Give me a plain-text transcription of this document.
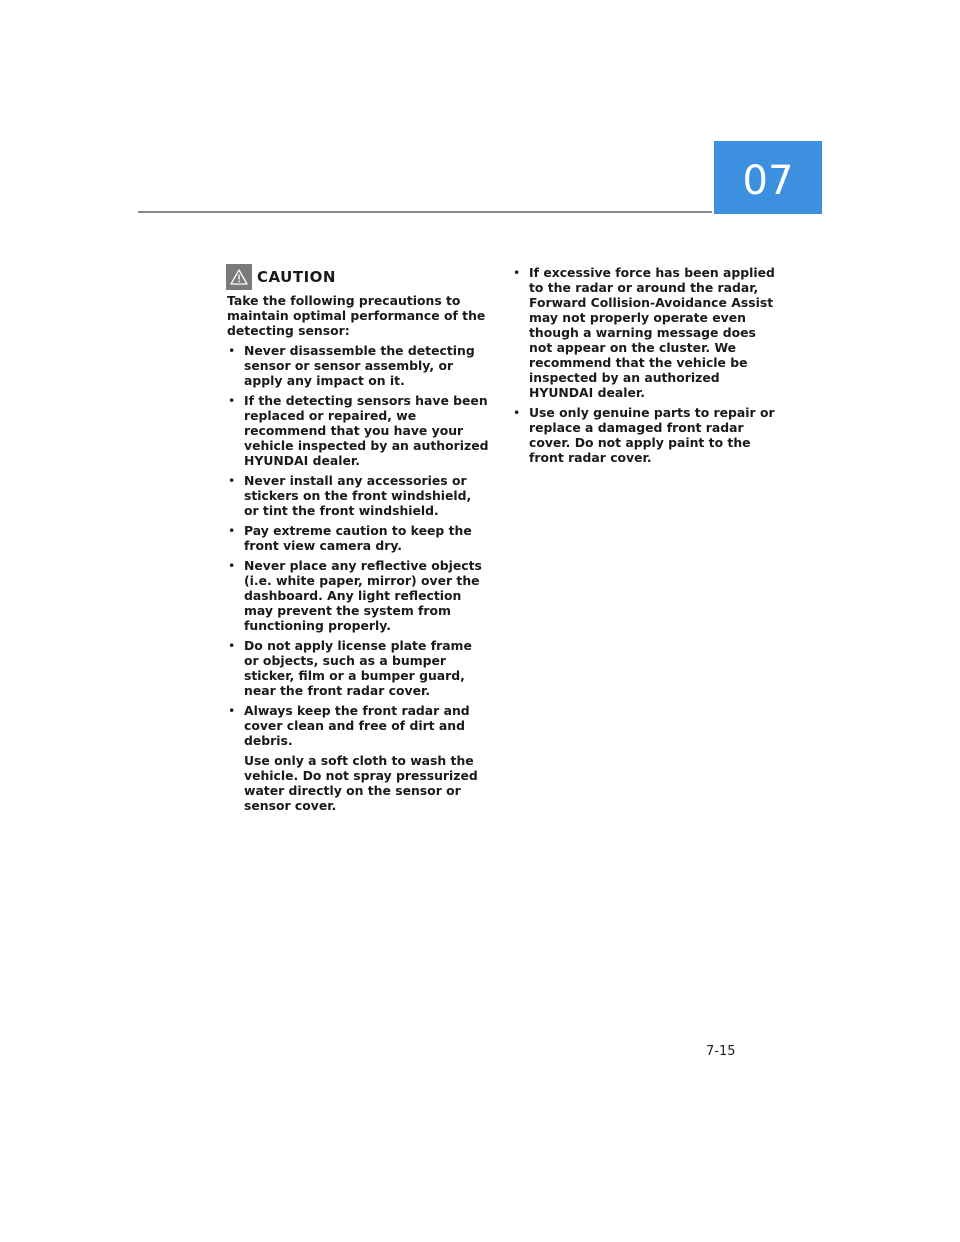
07
CAUTION

Take the following precautions to maintain optimal performance of the detecting sensor:

• Never disassemble the detecting sensor or sensor assembly, or apply any impact on it.
• If the detecting sensors have been replaced or repaired, we recommend that you have your vehicle inspected by an authorized HYUNDAI dealer.
• Never install any accessories or stickers on the front windshield, or tint the front windshield.
• Pay extreme caution to keep the front view camera dry.
• Never place any reflective objects (i.e. white paper, mirror) over the dashboard. Any light reflection may prevent the system from functioning properly.
• Do not apply license plate frame or objects, such as a bumper sticker, film or a bumper guard, near the front radar cover.
• Always keep the front radar and cover clean and free of dirt and debris.
Use only a soft cloth to wash the vehicle. Do not spray pressurized water directly on the sensor or sensor cover.
• If excessive force has been applied to the radar or around the radar, Forward Collision-Avoidance Assist may not properly operate even though a warning message does not appear on the cluster. We recommend that the vehicle be inspected by an authorized HYUNDAI dealer.
• Use only genuine parts to repair or replace a damaged front radar cover. Do not apply paint to the front radar cover.
7-15
